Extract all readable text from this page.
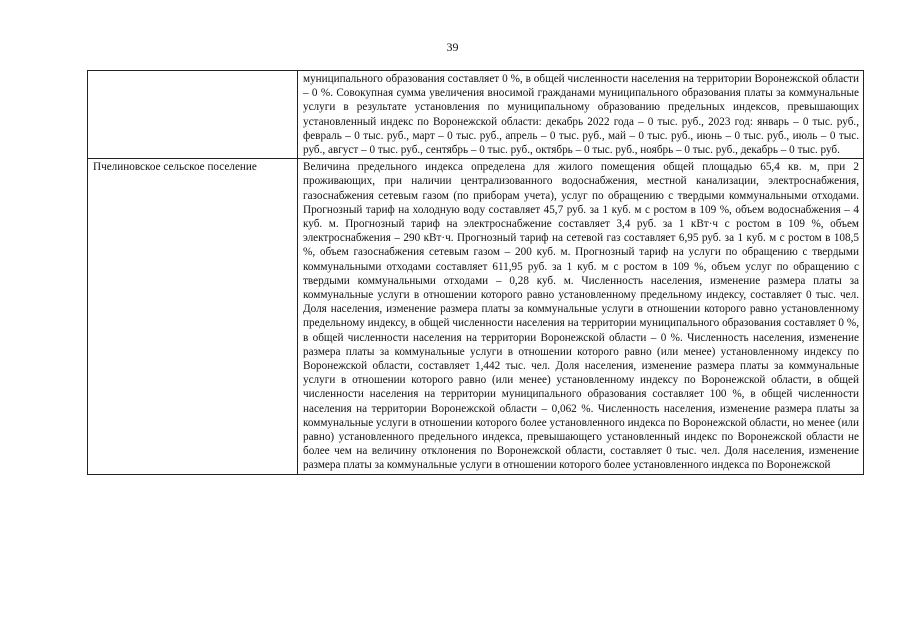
39
	муниципального образования составляет 0 %, в общей численности населения на территории Воронежской области – 0 %. Совокупная сумма увеличения вносимой гражданами муниципального образования платы за коммунальные услуги в результате установления по муниципальному образованию предельных индексов, превышающих установленный индекс по Воронежской области: декабрь 2022 года – 0 тыс. руб., 2023 год: январь – 0 тыс. руб., февраль – 0 тыс. руб., март – 0 тыс. руб., апрель – 0 тыс. руб., май – 0 тыс. руб., июнь – 0 тыс. руб., июль – 0 тыс. руб., август – 0 тыс. руб., сентябрь – 0 тыс. руб., октябрь – 0 тыс. руб., ноябрь – 0 тыс. руб., декабрь – 0 тыс. руб.
Пчелиновское сельское поселение	Величина предельного индекса определена для жилого помещения общей площадью 65,4 кв. м, при 2 проживающих, при наличии централизованного водоснабжения, местной канализации, электроснабжения, газоснабжения сетевым газом (по приборам учета), услуг по обращению с твердыми коммунальными отходами. Прогнозный тариф на холодную воду составляет 45,7 руб. за 1 куб. м с ростом в 109 %, объем водоснабжения – 4 куб. м. Прогнозный тариф на электроснабжение составляет 3,4 руб. за 1 кВт·ч с ростом в 109 %, объем электроснабжения – 290 кВт·ч. Прогнозный тариф на сетевой газ составляет 6,95 руб. за 1 куб. м с ростом в 108,5 %, объем газоснабжения сетевым газом – 200 куб. м. Прогнозный тариф на услуги по обращению с твердыми коммунальными отходами составляет 611,95 руб. за 1 куб. м с ростом в 109 %, объем услуг по обращению с твердыми коммунальными отходами – 0,28 куб. м. Численность населения, изменение размера платы за коммунальные услуги в отношении которого равно установленному предельному индексу, составляет 0 тыс. чел. Доля населения, изменение размера платы за коммунальные услуги в отношении которого равно установленному предельному индексу, в общей численности населения на территории муниципального образования составляет 0 %, в общей численности населения на территории Воронежской области – 0 %. Численность населения, изменение размера платы за коммунальные услуги в отношении которого равно (или менее) установленному индексу по Воронежской области, составляет 1,442 тыс. чел. Доля населения, изменение размера платы за коммунальные услуги в отношении которого равно (или менее) установленному индексу по Воронежской области, в общей численности населения на территории муниципального образования составляет 100 %, в общей численности населения на территории Воронежской области – 0,062 %. Численность населения, изменение размера платы за коммунальные услуги в отношении которого более установленного индекса по Воронежской области, но менее (или равно) установленного предельного индекса, превышающего установленный индекс по Воронежской области не более чем на величину отклонения по Воронежской области, составляет 0 тыс. чел. Доля населения, изменение размера платы за коммунальные услуги в отношении которого более установленного индекса по Воронежской
